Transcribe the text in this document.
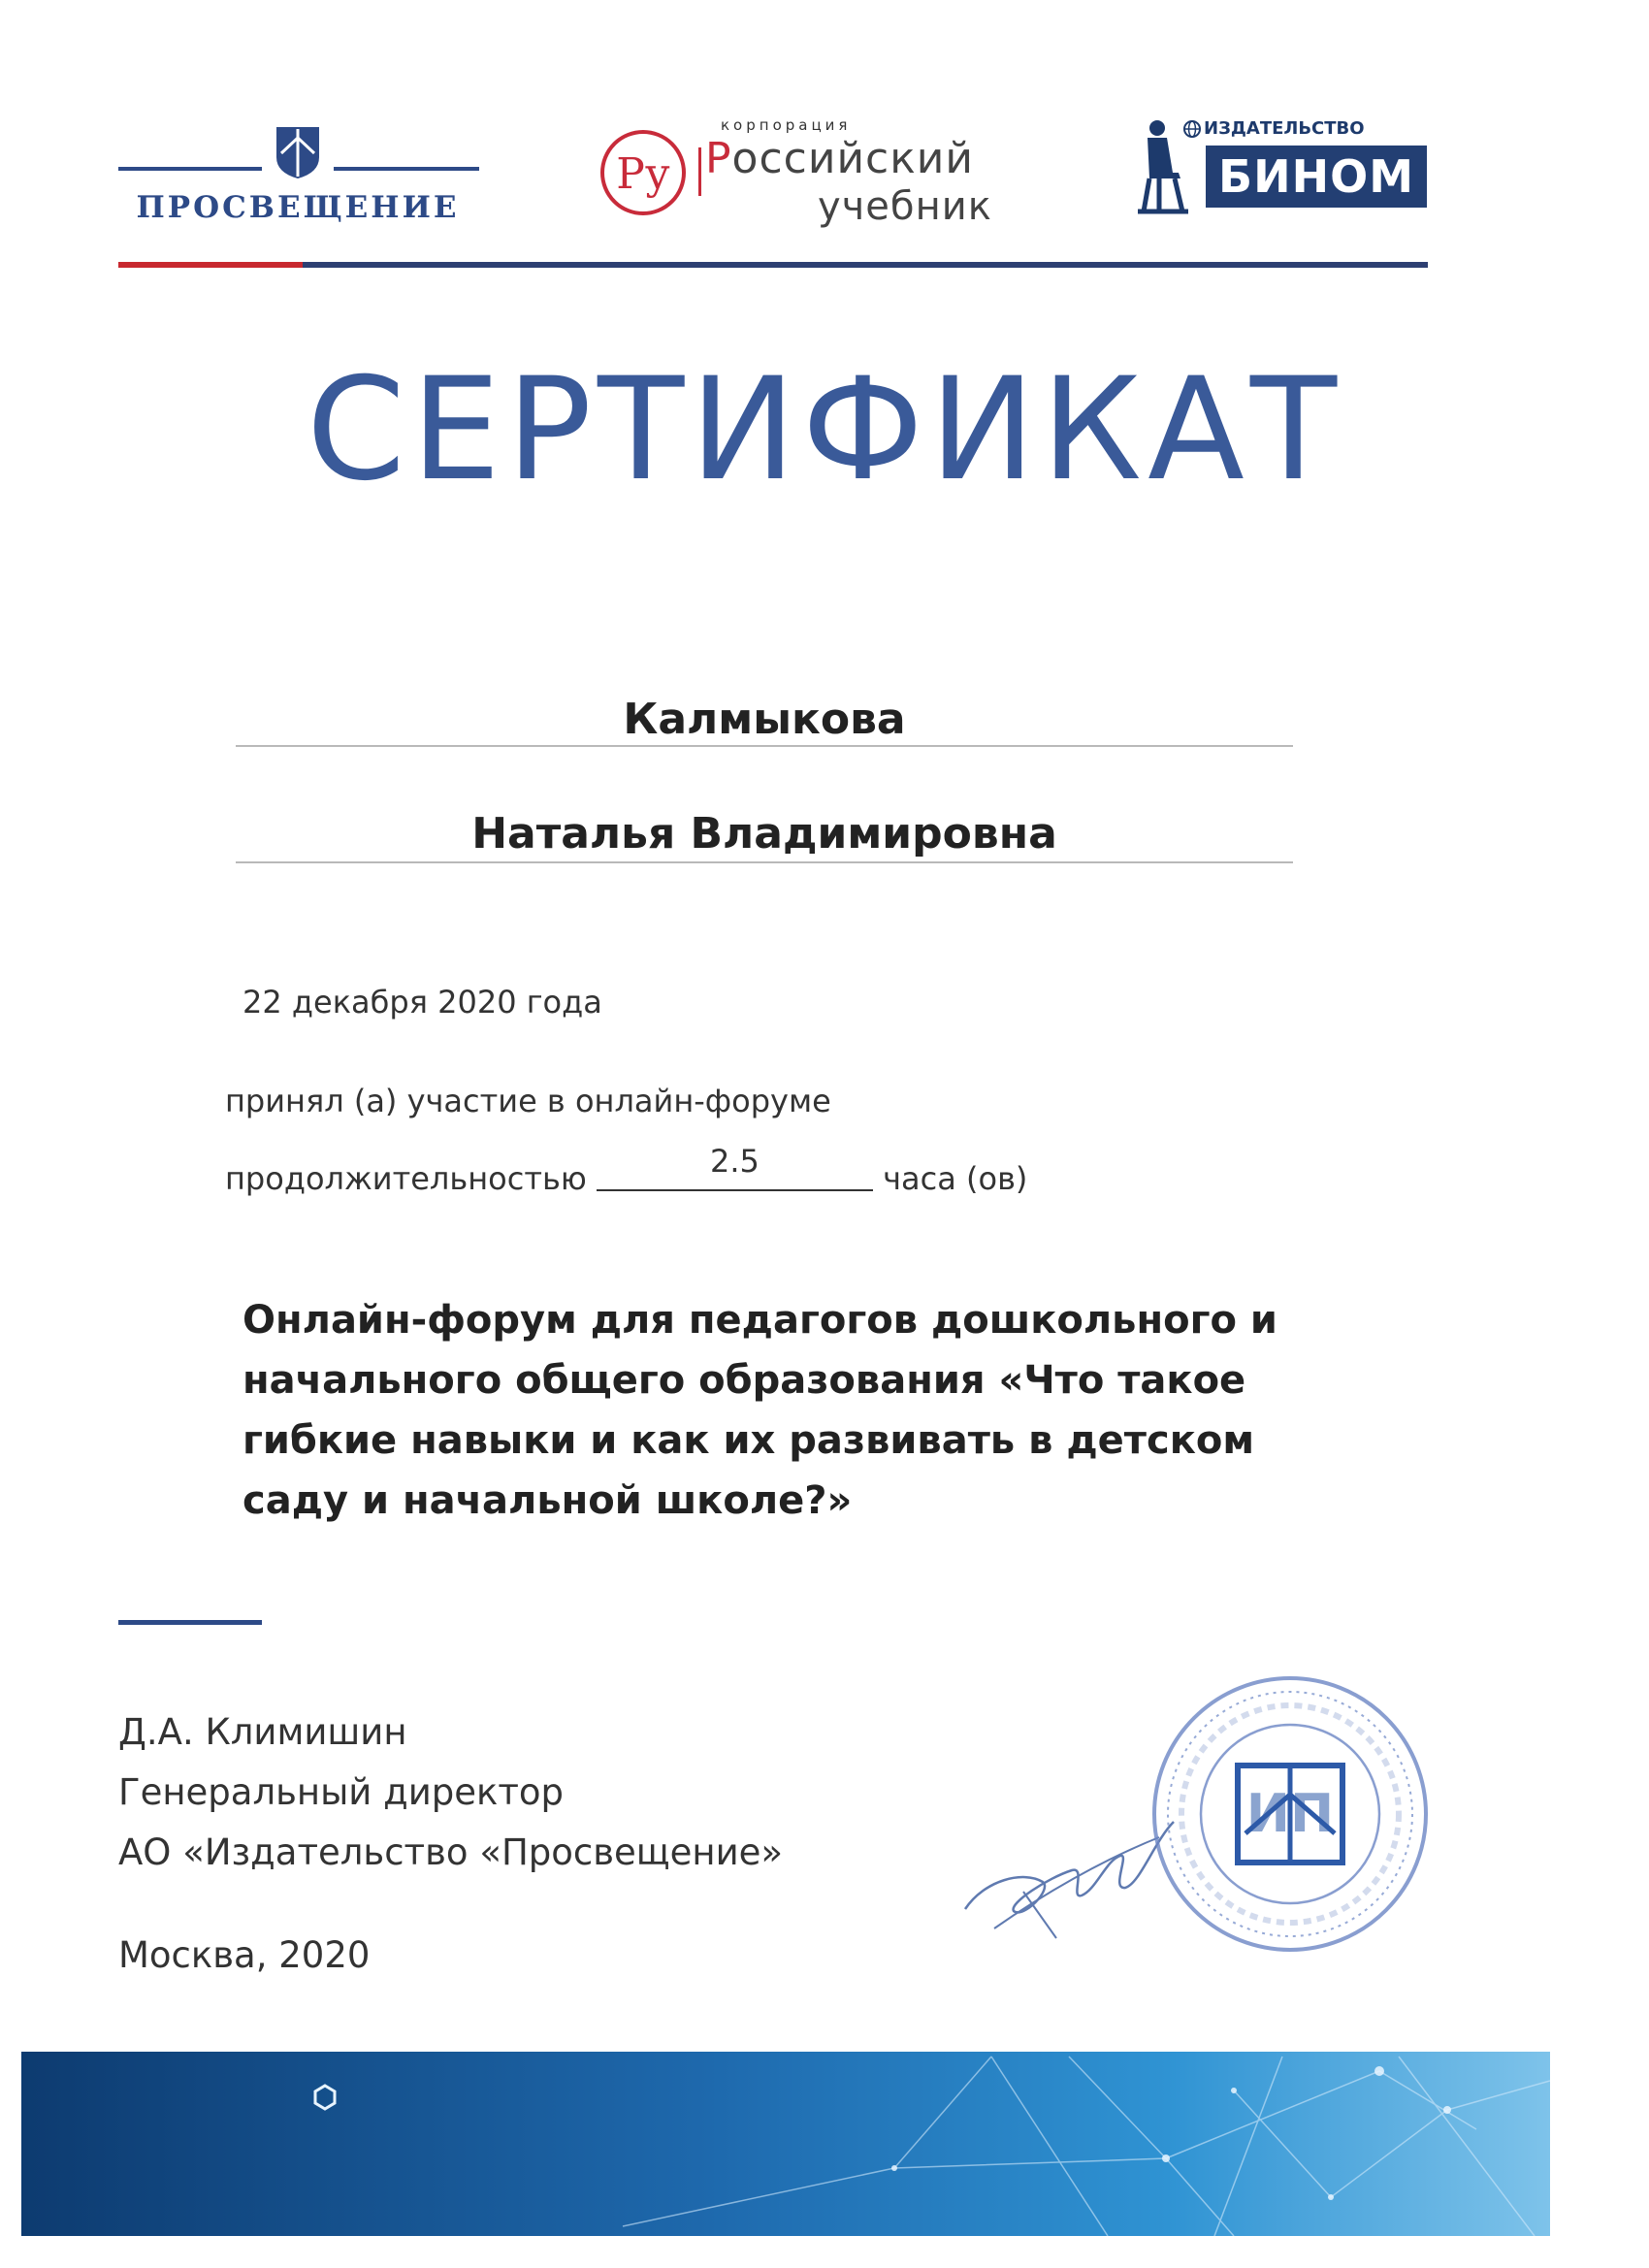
ПРОСВЕЩЕНИЕ
Ру
корпорация
Российский
учебник
ИЗДАТЕЛЬСТВО
БИНОМ
СЕРТИФИКАТ
Калмыкова
Наталья Владимировна
22 декабря 2020 года
принял (а) участие в онлайн-форуме
продолжительностью	2.5	часа (ов)
Онлайн-форум для педагогов дошкольного и начального общего образования «Что такое гибкие навыки и как их развивать в детском саду и начальной школе?»
Д.А. Климишин
Генеральный директор
АО «Издательство «Просвещение»
Москва, 2020
ИП
